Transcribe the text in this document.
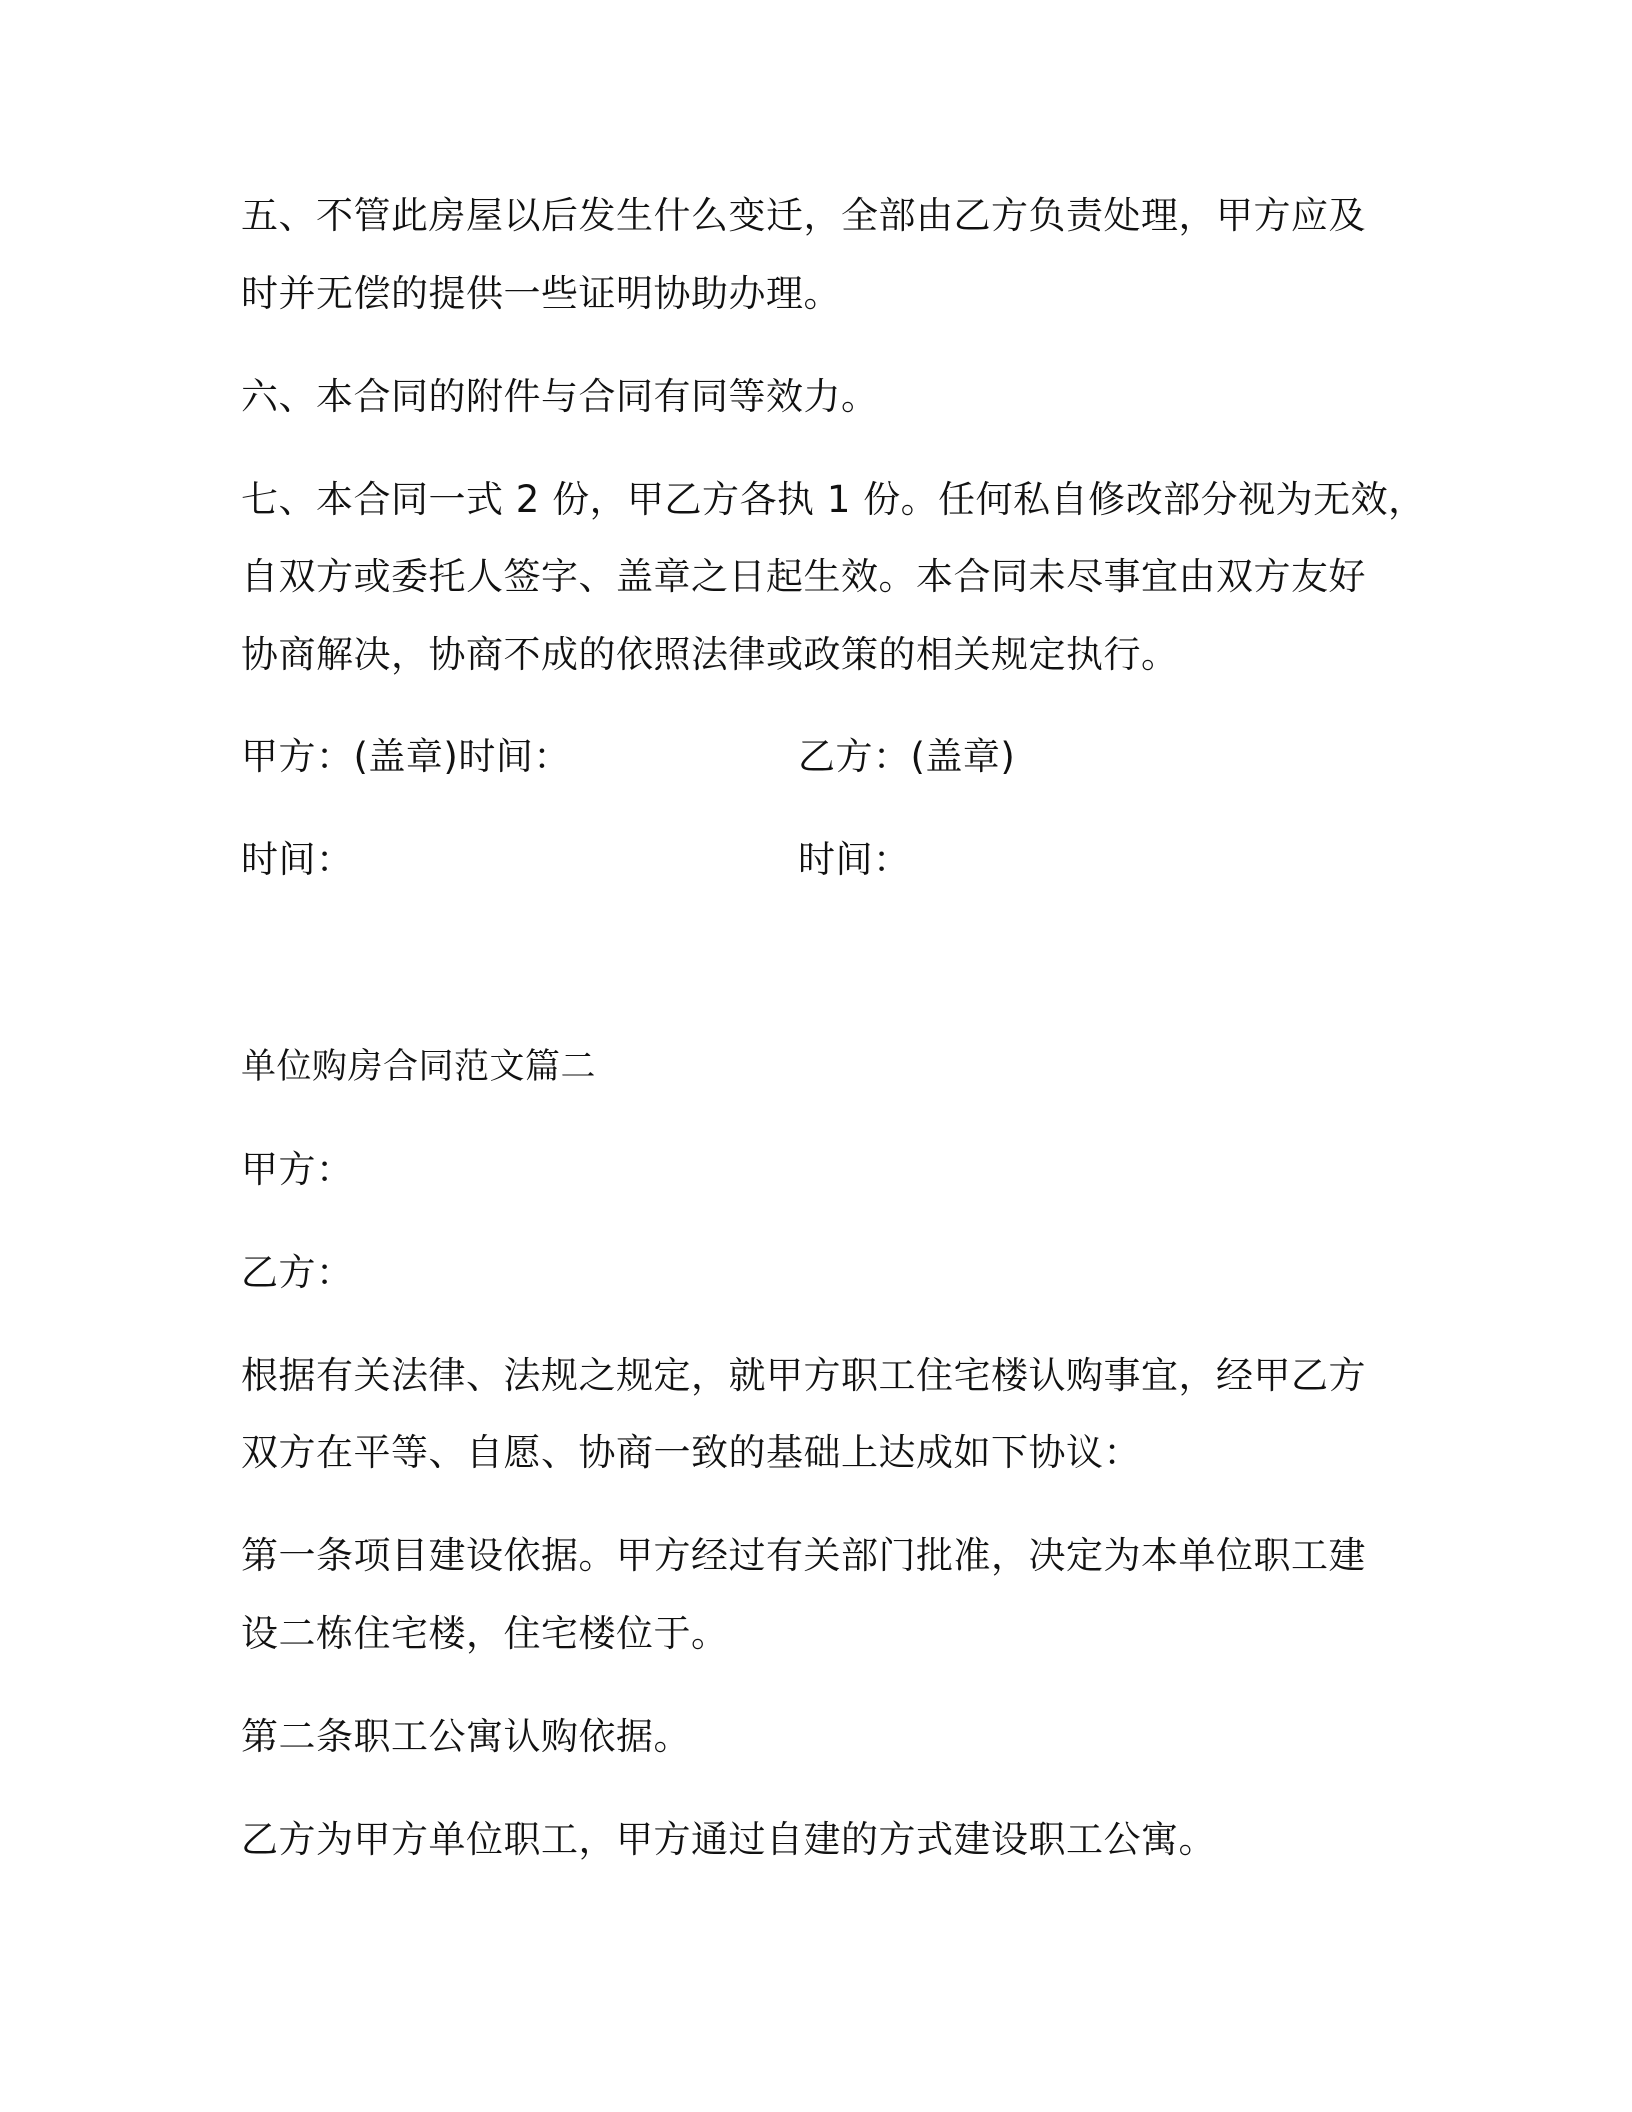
五、不管此房屋以后发生什么变迁，全部由乙方负责处理，甲方应及

时并无偿的提供一些证明协助办理。

六、本合同的附件与合同有同等效力。

七、本合同一式 2 份，甲乙方各执 1 份。任何私自修改部分视为无效，

自双方或委托人签字、盖章之日起生效。本合同未尽事宜由双方友好

协商解决，协商不成的依照法律或政策的相关规定执行。

甲方：(盖章)时间：	乙方：(盖章)

时间：	时间：

单位购房合同范文篇二

甲方：

乙方：

根据有关法律、法规之规定，就甲方职工住宅楼认购事宜，经甲乙方

双方在平等、自愿、协商一致的基础上达成如下协议：

第一条项目建设依据。甲方经过有关部门批准，决定为本单位职工建

设二栋住宅楼，住宅楼位于。

第二条职工公寓认购依据。

乙方为甲方单位职工，甲方通过自建的方式建设职工公寓。
